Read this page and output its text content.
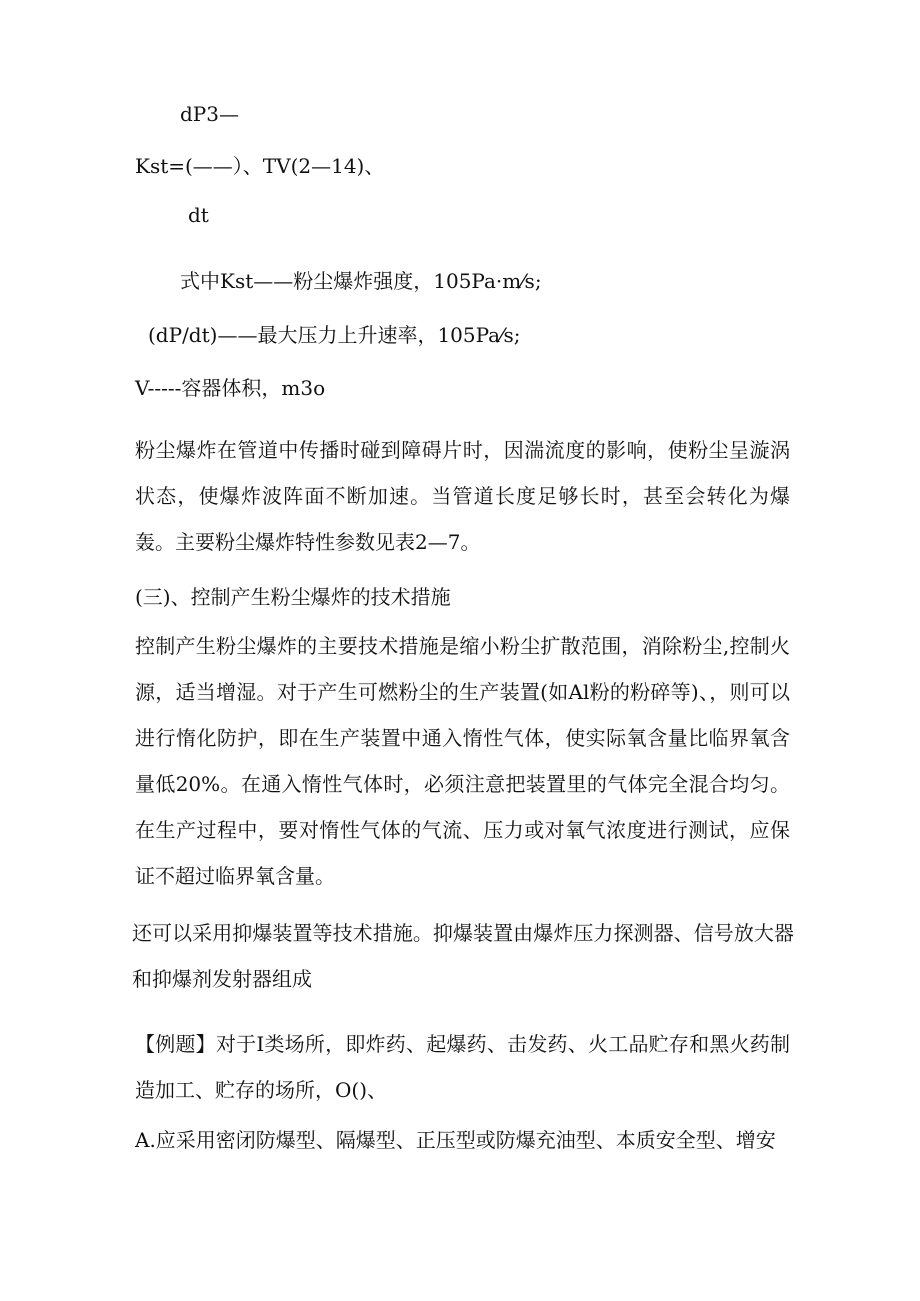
dP3—
Kst=(——）、TV(2—14)、
dt
式中Kst——粉尘爆炸强度，105Pa·m⁄s;
(dP/dt)——最大压力上升速率，105Pa⁄s;
V-----容器体积，m3o

粉尘爆炸在管道中传播时碰到障碍片时，因湍流度的影响，使粉尘呈漩涡状态，使爆炸波阵面不断加速。当管道长度足够长时，甚至会转化为爆轰。主要粉尘爆炸特性参数见表2—7。

(三)、控制产生粉尘爆炸的技术措施

控制产生粉尘爆炸的主要技术措施是缩小粉尘扩散范围，消除粉尘,控制火源，适当增湿。对于产生可燃粉尘的生产装置(如Al粉的粉碎等)、，则可以进行惰化防护，即在生产装置中通入惰性气体，使实际氧含量比临界氧含量低20%。在通入惰性气体时，必须注意把装置里的气体完全混合均匀。在生产过程中，要对惰性气体的气流、压力或对氧气浓度进行测试，应保证不超过临界氧含量。

还可以采用抑爆装置等技术措施。抑爆装置由爆炸压力探测器、信号放大器和抑爆剂发射器组成

【例题】对于I类场所，即炸药、起爆药、击发药、火工品贮存和黑火药制造加工、贮存的场所，O()、

A.应采用密闭防爆型、隔爆型、正压型或防爆充油型、本质安全型、增安
